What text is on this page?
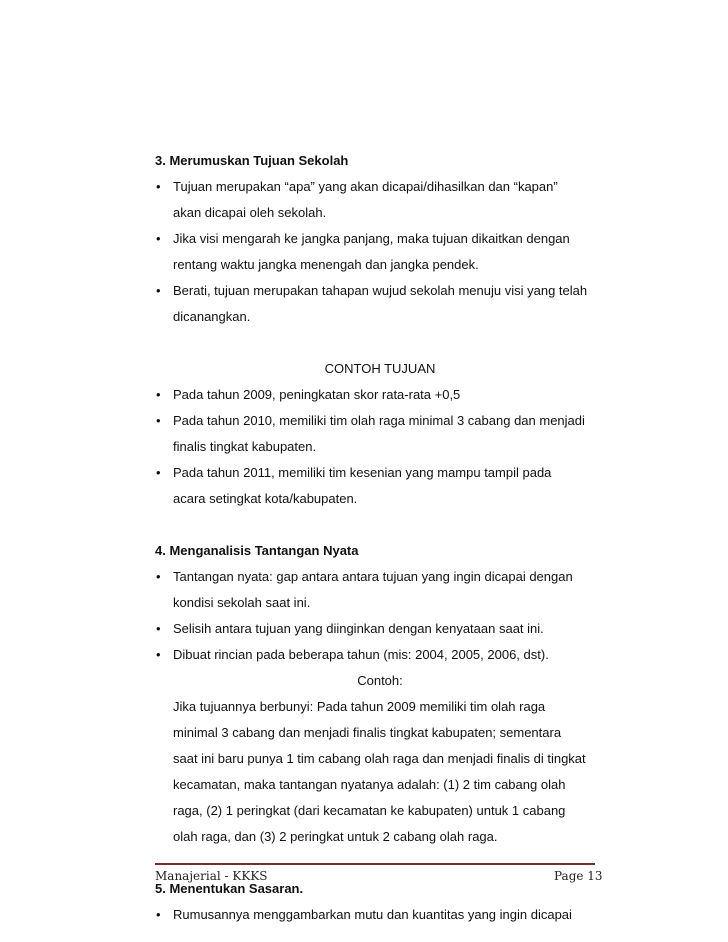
3. Merumuskan Tujuan Sekolah
• Tujuan merupakan “apa” yang akan dicapai/dihasilkan dan “kapan”
akan dicapai oleh sekolah.
• Jika visi mengarah ke jangka panjang, maka tujuan dikaitkan dengan
rentang waktu jangka menengah dan jangka pendek.
• Berati, tujuan merupakan tahapan wujud sekolah menuju visi yang telah
dicanangkan.
CONTOH TUJUAN
• Pada tahun 2009, peningkatan skor rata-rata +0,5
• Pada tahun 2010, memiliki tim olah raga minimal 3 cabang dan menjadi
finalis tingkat kabupaten.
• Pada tahun 2011, memiliki tim kesenian yang mampu tampil pada
acara setingkat kota/kabupaten.
4. Menganalisis Tantangan Nyata
• Tantangan nyata: gap antara antara tujuan yang ingin dicapai dengan
kondisi sekolah saat ini.
• Selisih antara tujuan yang diinginkan dengan kenyataan saat ini.
• Dibuat rincian pada beberapa tahun (mis: 2004, 2005, 2006, dst).
Contoh:
Jika tujuannya berbunyi: Pada tahun 2009 memiliki tim olah raga
minimal 3 cabang dan menjadi finalis tingkat kabupaten; sementara
saat ini baru punya 1 tim cabang olah raga dan menjadi finalis di tingkat
kecamatan, maka tantangan nyatanya adalah: (1) 2 tim cabang olah
raga, (2) 1 peringkat (dari kecamatan ke kabupaten) untuk 1 cabang
olah raga, dan (3) 2 peringkat untuk 2 cabang olah raga.
5. Menentukan Sasaran.
• Rumusannya menggambarkan mutu dan kuantitas yang ingin dicapai
Manajerial - KKKS	Page 13
